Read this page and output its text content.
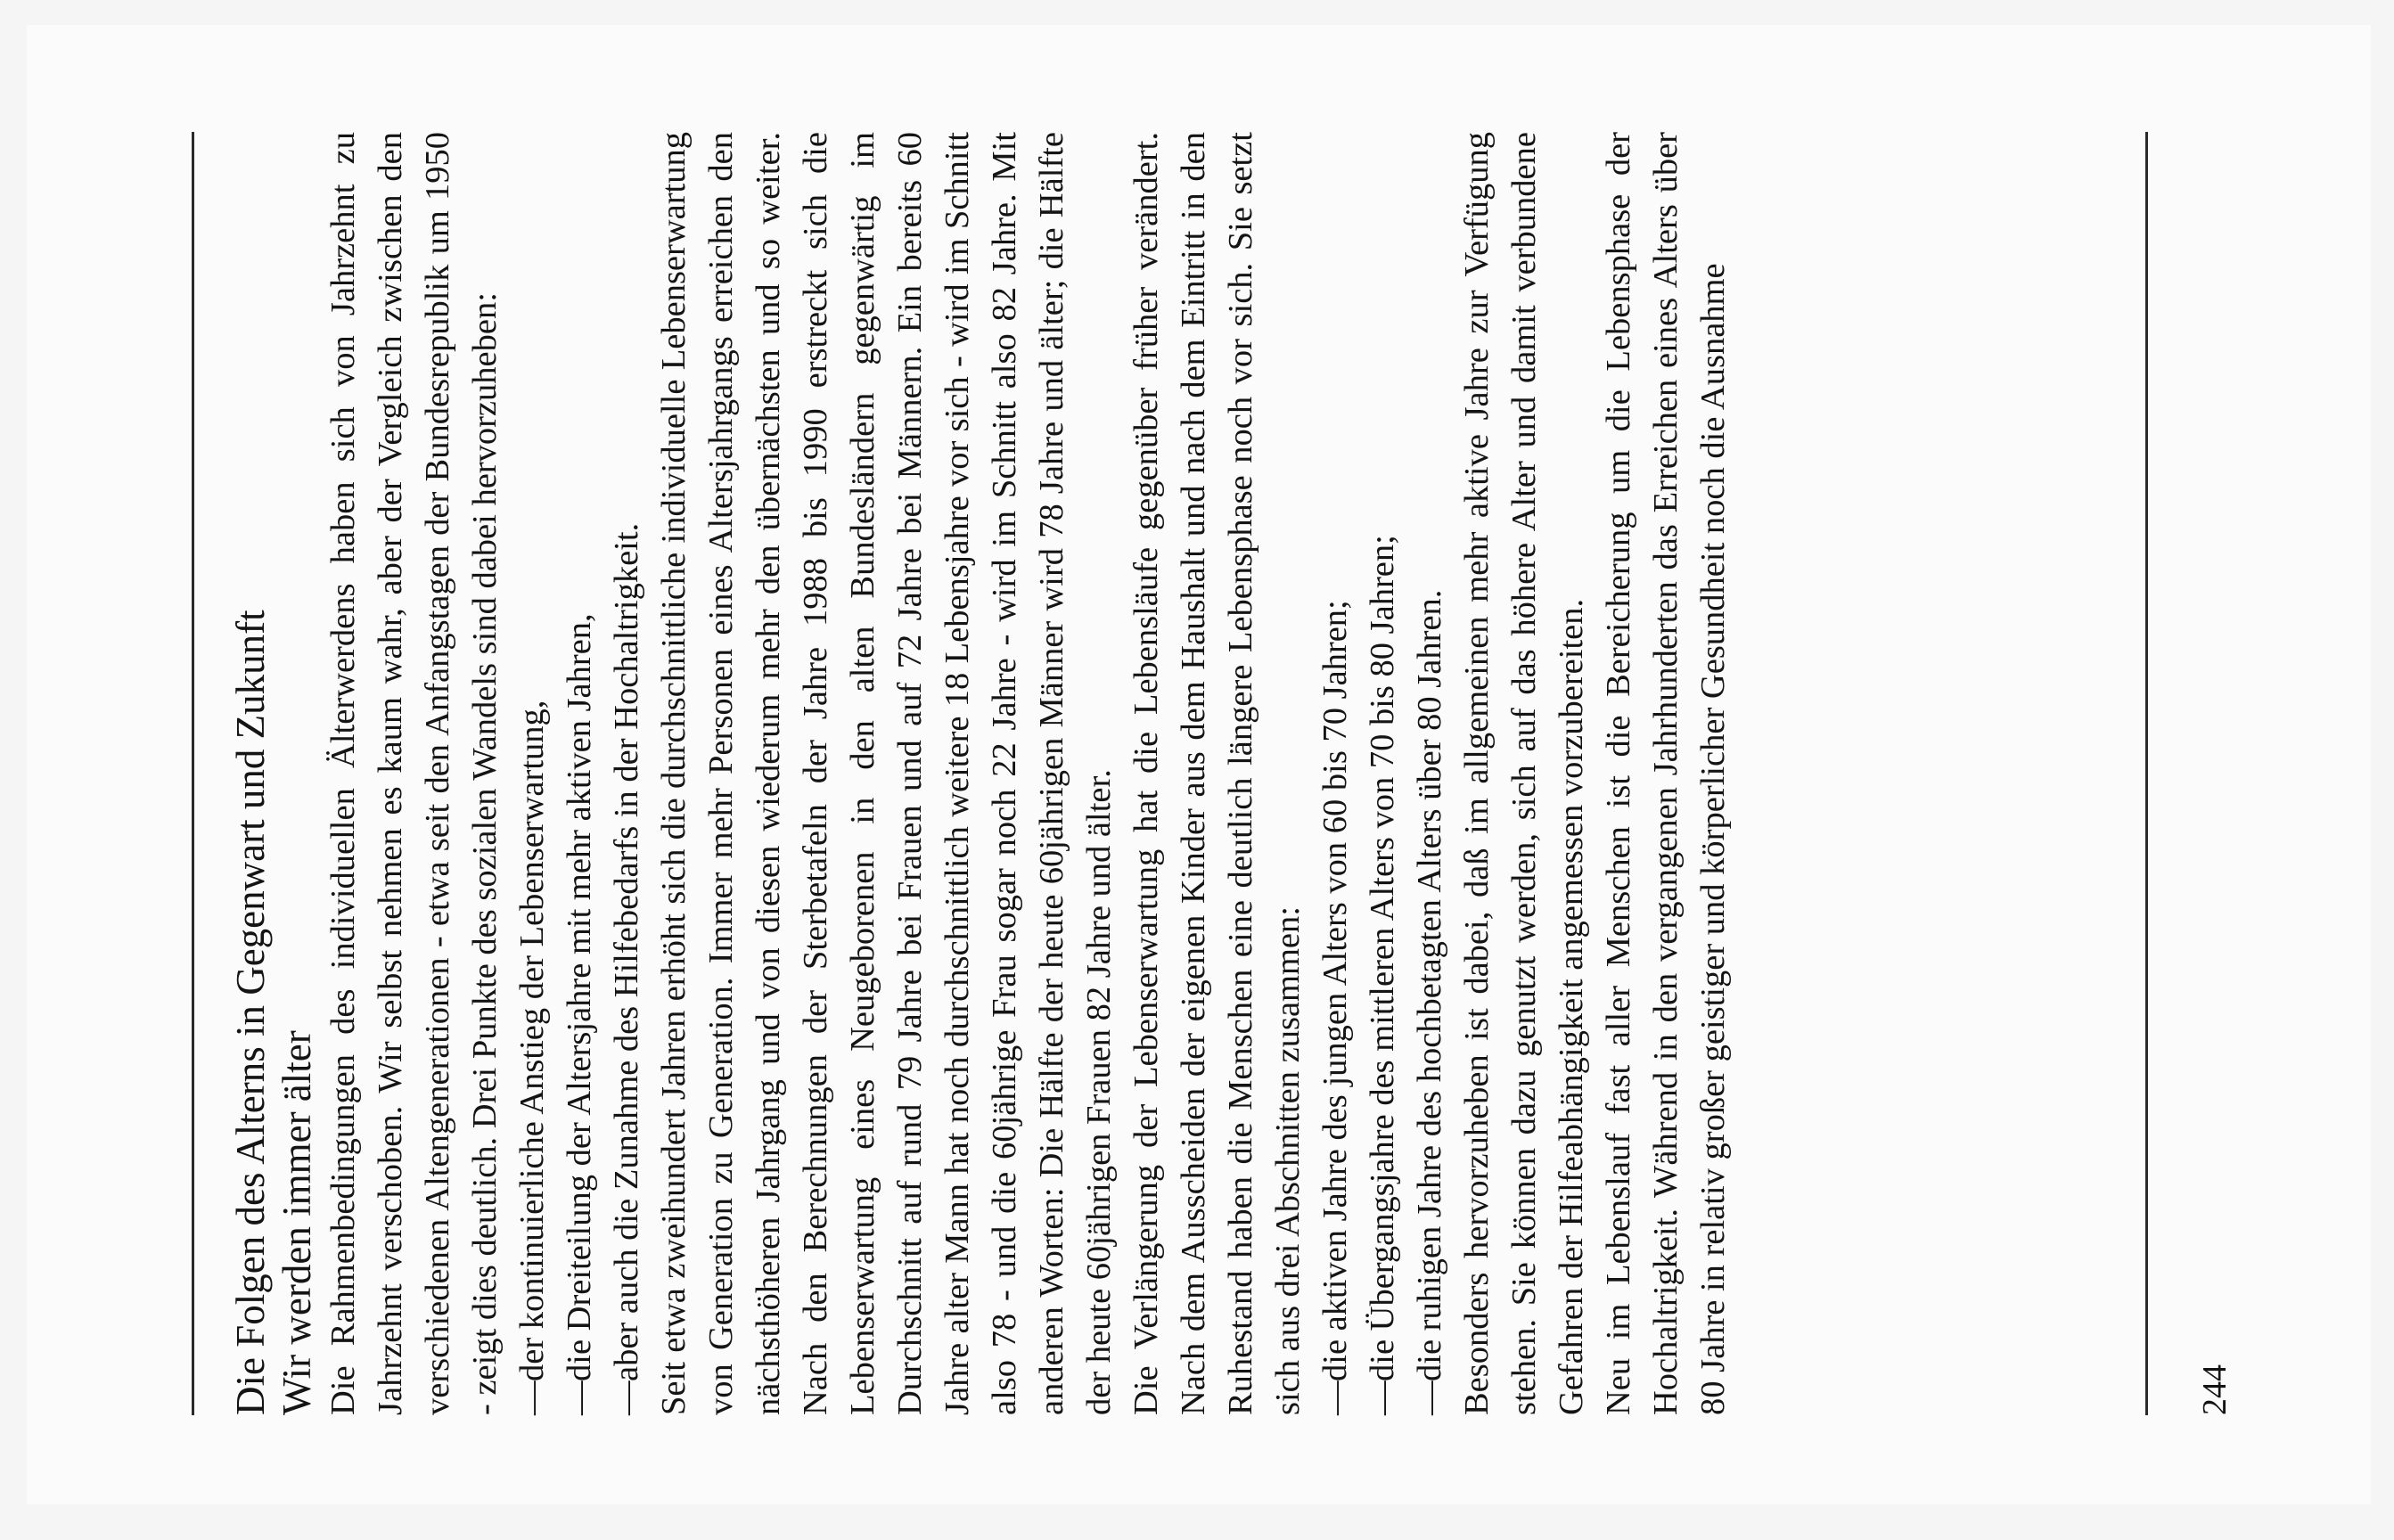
Die Folgen des Alterns in Gegenwart und Zukunft Wir werden immer älter Die Rahmenbedingungen des individuellen Älterwerdens haben sich von Jahrzehnt zu Jahrzehnt verschoben. Wir selbst nehmen es kaum wahr, aber der Vergleich zwischen den verschiedenen Altengenerationen - etwa seit den Anfangstagen der Bundesrepublik um 1950 - zeigt dies deutlich. Drei Punkte des sozialen Wandels sind dabei hervorzuheben: —der kontinuierliche Anstieg der Lebenserwartung,

—die Dreiteilung der Altersjahre mit mehr aktiven Jahren,

—aber auch die Zunahme des Hilfebedarfs in der Hochaltrigkeit. Seit etwa zweihundert Jahren erhöht sich die durchschnittliche individuelle Lebenserwartung von Generation zu Generation. Immer mehr Personen eines Altersjahrgangs erreichen den nächsthöheren Jahrgang und von diesen wiederum mehr den übernächsten und so weiter. Nach den Berechnungen der Sterbetafeln der Jahre 1988 bis 1990 erstreckt sich die Lebenserwartung eines Neugeborenen in den alten Bundesländern gegenwärtig im Durchschnitt auf rund 79 Jahre bei Frauen und auf 72 Jahre bei Männern. Ein bereits 60 Jahre alter Mann hat noch durchschnittlich weitere 18 Lebensjahre vor sich - wird im Schnitt also 78 - und die 60jährige Frau sogar noch 22 Jahre - wird im Schnitt also 82 Jahre. Mit anderen Worten: Die Hälfte der heute 60jährigen Männer wird 78 Jahre und älter; die Hälfte der heute 60jährigen Frauen 82 Jahre und älter. Die Verlängerung der Lebenserwartung hat die Lebensläufe gegenüber früher verändert. Nach dem Ausscheiden der eigenen Kinder aus dem Haushalt und nach dem Eintritt in den Ruhestand haben die Menschen eine deutlich längere Lebensphase noch vor sich. Sie setzt sich aus drei Abschnitten zusammen: —die aktiven Jahre des jungen Alters von 60 bis 70 Jahren;

—die Übergangsjahre des mittleren Alters von 70 bis 80 Jahren;

—die ruhigen Jahre des hochbetagten Alters über 80 Jahren. Besonders hervorzuheben ist dabei, daß im allgemeinen mehr aktive Jahre zur Verfügung stehen. Sie können dazu genutzt werden, sich auf das höhere Alter und damit verbundene Gefahren der Hilfeabhängigkeit angemessen vorzubereiten. Neu im Lebenslauf fast aller Menschen ist die Bereicherung um die Lebensphase der Hochaltrigkeit. Während in den vergangenen Jahrhunderten das Erreichen eines Alters über 80 Jahre in relativ großer geistiger und körperlicher Gesundheit noch die Ausnahme	244
